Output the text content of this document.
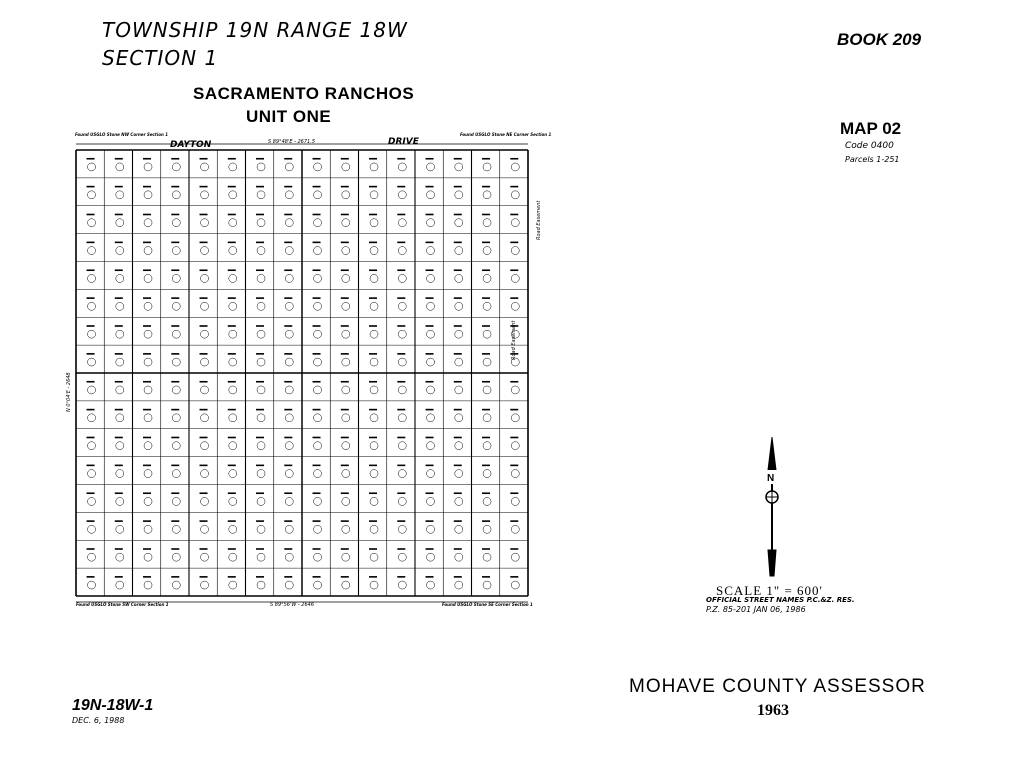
TOWNSHIP 19N RANGE 18W
SECTION 1
SACRAMENTO RANCHOS
UNIT ONE
BOOK 209
MAP 02
Code 0400
Parcels 1-251
DAYTON	DRIVE
S 89°48'E - 2671.5
S 89°56'W - 2646
N 0°04'E - 2648
Found USGLO Stone NW Corner Section 1	Found USGLO Stone NE Corner Section 1
Found USGLO Stone SW Corner Section 1	Found USGLO Stone SE Corner Section 1
Road Easement
Road Easement
N
SCALE 1" = 600'
OFFICIAL STREET NAMES P.C.&Z. RES.
P.Z. 85-201 JAN 06, 1986
MOHAVE COUNTY ASSESSOR
1963
19N-18W-1
DEC. 6, 1988
